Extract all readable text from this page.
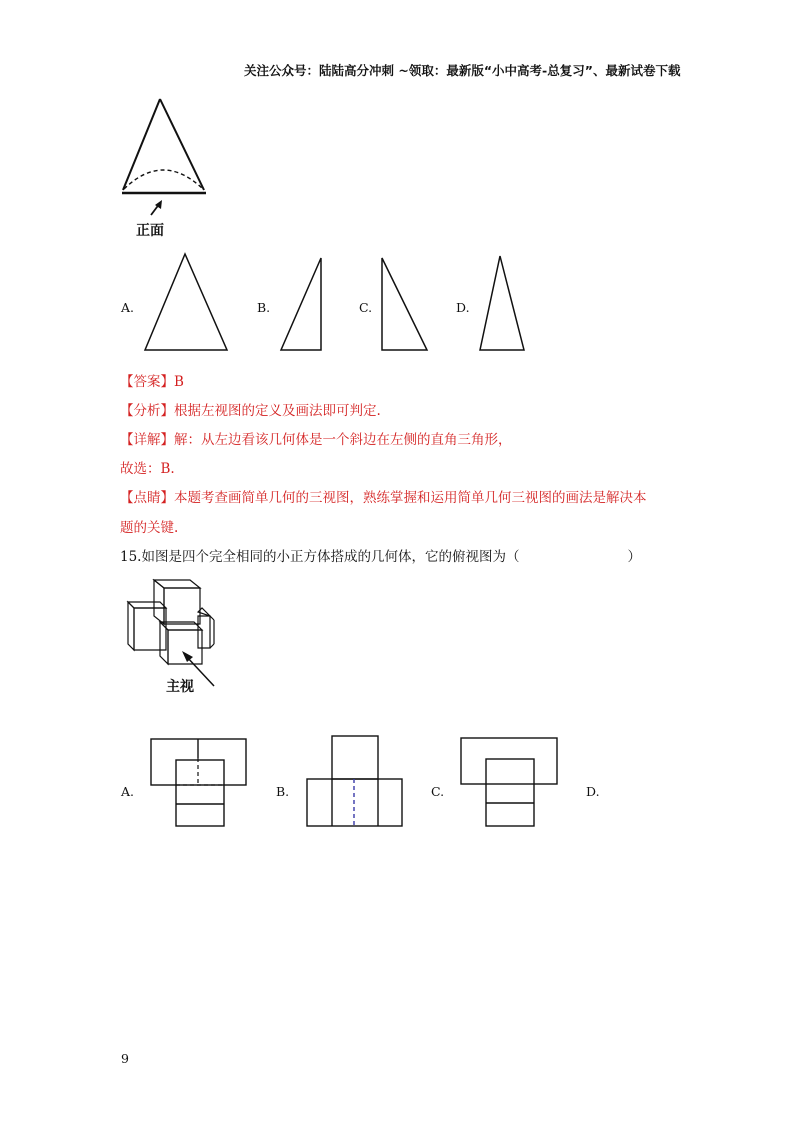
关注公众号：陆陆高分冲刺 ~领取：最新版“小中高考-总复习”、最新试卷下载
正面
A.	B.	C.	D.
【答案】B
【分析】根据左视图的定义及画法即可判定.
【详解】解：从左边看该几何体是一个斜边在左侧的直角三角形，
故选：B.
【点睛】本题考查画简单几何的三视图，熟练掌握和运用简单几何三视图的画法是解决本
题的关键.
15.如图是四个完全相同的小正方体搭成的几何体，它的俯视图为（　　　　　　　　）
主视
A.	B.	C.	D.
9
